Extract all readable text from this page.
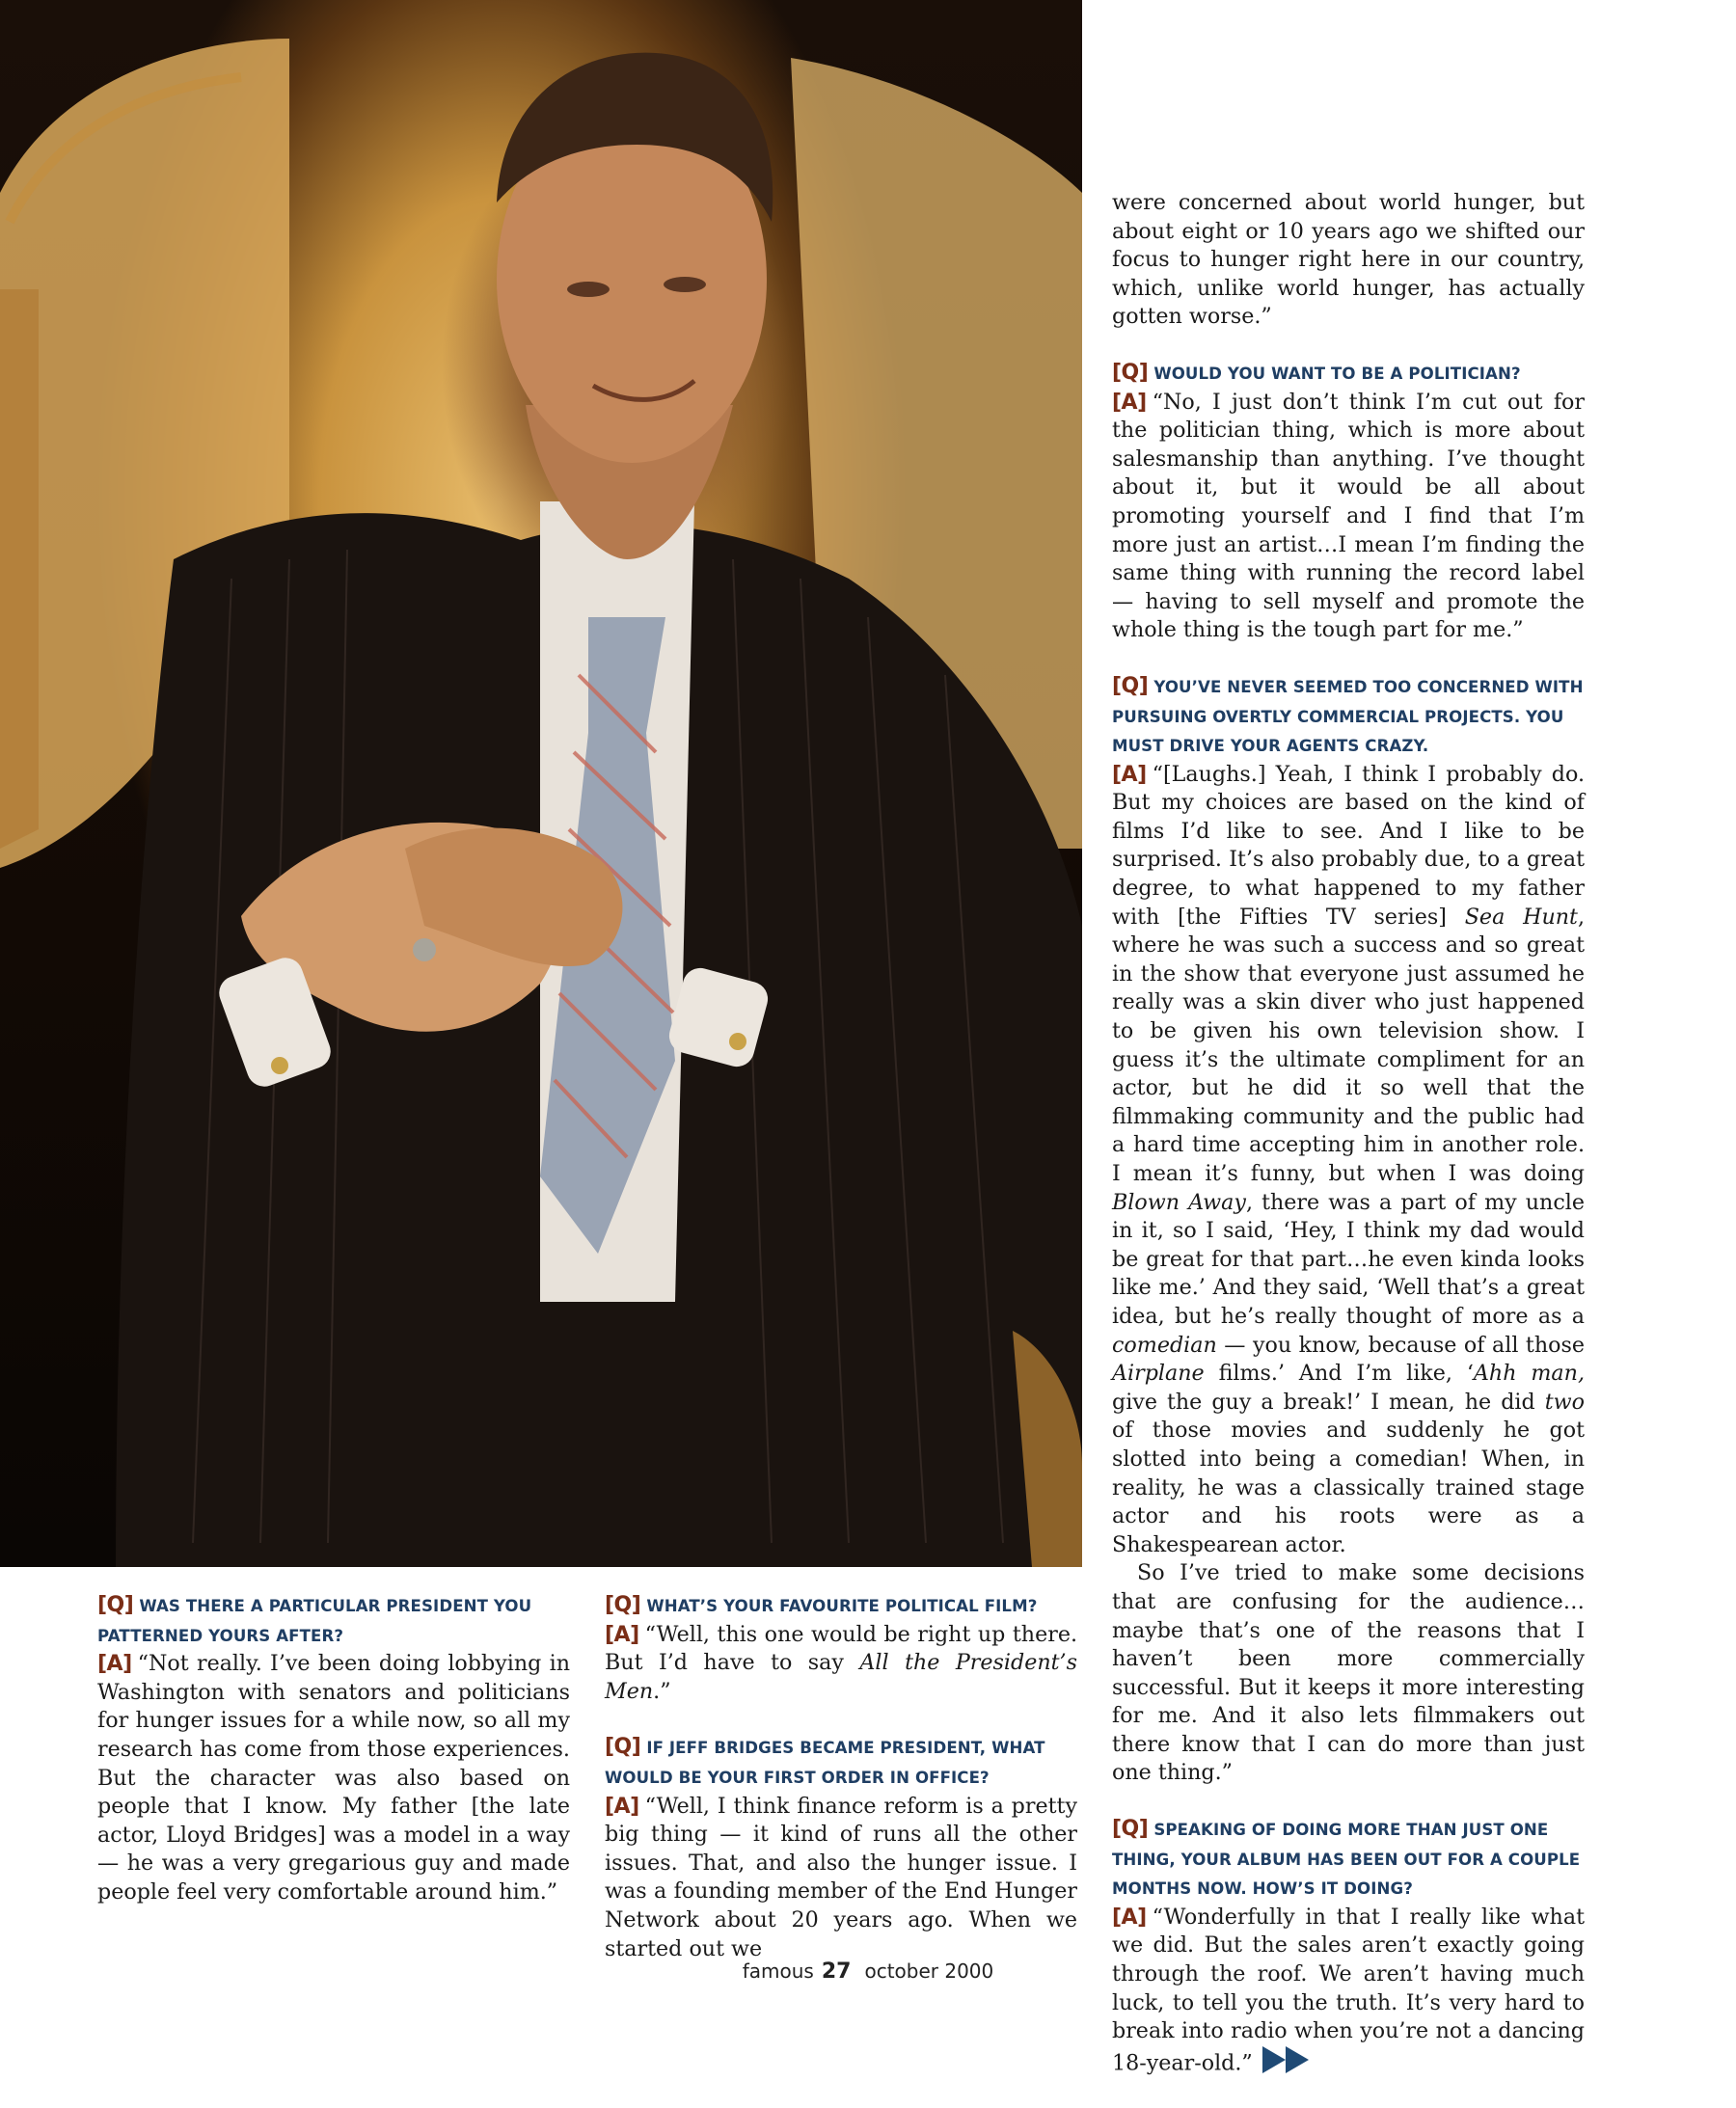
[Q] WAS THERE A PARTICULAR PRESIDENT YOU PATTERNED YOURS AFTER?

[A] “Not really. I’ve been doing lobbying in Washington with senators and politicians for hunger issues for a while now, so all my research has come from those experiences. But the character was also based on people that I know. My father [the late actor, Lloyd Bridges] was a model in a way — he was a very gregarious guy and made people feel very comfortable around him.”

[Q] WHAT’S YOUR FAVOURITE POLITICAL FILM?

[A] “Well, this one would be right up there. But I’d have to say All the President’s Men.”

[Q] IF JEFF BRIDGES BECAME PRESIDENT, WHAT WOULD BE YOUR FIRST ORDER IN OFFICE?

[A] “Well, I think finance reform is a pretty big thing — it kind of runs all the other issues. That, and also the hunger issue. I was a founding member of the End Hunger Network about 20 years ago. When we started out we

were concerned about world hunger, but about eight or 10 years ago we shifted our focus to hunger right here in our country, which, unlike world hunger, has actually gotten worse.”

[Q] WOULD YOU WANT TO BE A POLITICIAN?

[A] “No, I just don’t think I’m cut out for the politician thing, which is more about salesmanship than anything. I’ve thought about it, but it would be all about promoting yourself and I find that I’m more just an artist…I mean I’m finding the same thing with running the record label — having to sell myself and promote the whole thing is the tough part for me.”

[Q] YOU’VE NEVER SEEMED TOO CONCERNED WITH PURSUING OVERTLY COMMERCIAL PROJECTS. YOU MUST DRIVE YOUR AGENTS CRAZY.

[A] “[Laughs.] Yeah, I think I probably do. But my choices are based on the kind of films I’d like to see. And I like to be surprised. It’s also probably due, to a great degree, to what happened to my father with [the Fifties TV series] Sea Hunt, where he was such a success and so great in the show that everyone just assumed he really was a skin diver who just happened to be given his own television show. I guess it’s the ultimate compliment for an actor, but he did it so well that the filmmaking community and the public had a hard time accepting him in another role. I mean it’s funny, but when I was doing Blown Away, there was a part of my uncle in it, so I said, ‘Hey, I think my dad would be great for that part…he even kinda looks like me.’ And they said, ‘Well that’s a great idea, but he’s really thought of more as a comedian — you know, because of all those Airplane films.’ And I’m like, ‘Ahh man, give the guy a break!’ I mean, he did two of those movies and suddenly he got slotted into being a comedian! When, in reality, he was a classically trained stage actor and his roots were as a Shakespearean actor.

So I’ve tried to make some decisions that are confusing for the audience…maybe that’s one of the reasons that I haven’t been more commercially successful. But it keeps it more interesting for me. And it also lets filmmakers out there know that I can do more than just one thing.”

[Q] SPEAKING OF DOING MORE THAN JUST ONE THING, YOUR ALBUM HAS BEEN OUT FOR A COUPLE MONTHS NOW. HOW’S IT DOING?

[A] “Wonderfully in that I really like what we did. But the sales aren’t exactly going through the roof. We aren’t having much luck, to tell you the truth. It’s very hard to break into radio when you’re not a dancing 18-year-old.”

famous 27 october 2000
